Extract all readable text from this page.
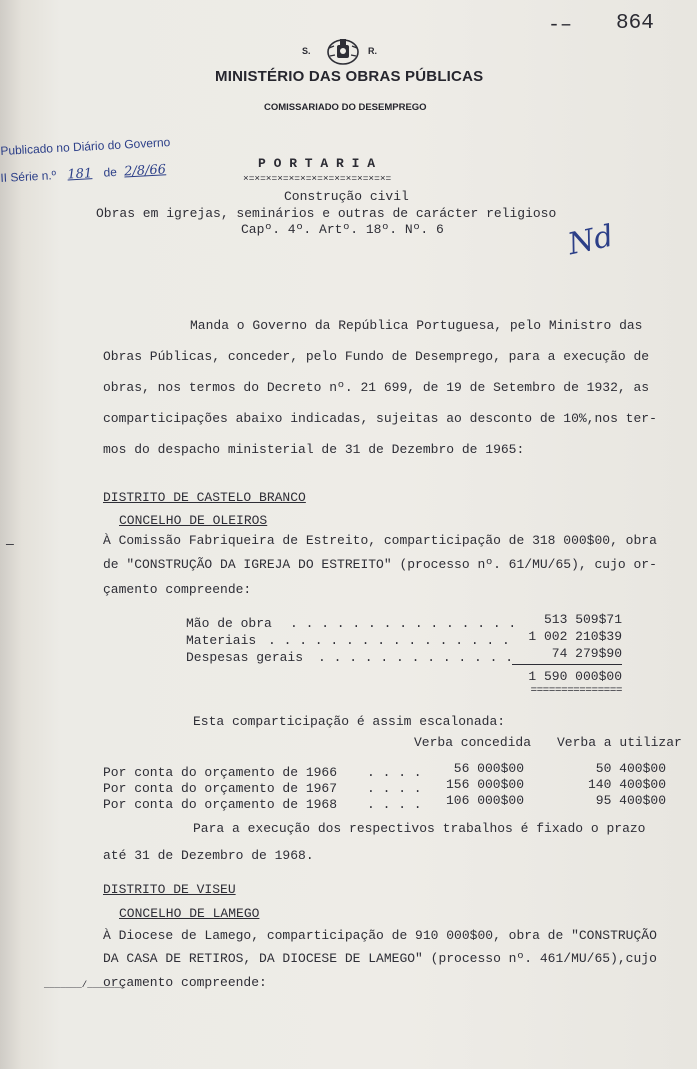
-– 864
S.	R.
MINISTÉRIO DAS OBRAS PÚBLICAS
COMISSARIADO DO DESEMPREGO
Publicado no Diário do Governo
II Série n.º 181 de 2/8/66	P O R T A R I A
×=×=×=×=×=×=×=×=×=×=×=×=×=
Construção civil
Obras em igrejas, seminários e outras de carácter religioso
Capº. 4º. Artº. 18º. Nº. 6	Nd
Manda o Governo da República Portuguesa, pelo Ministro das
Obras Públicas, conceder, pelo Fundo de Desemprego, para a execução de
obras, nos termos do Decreto nº. 21 699, de 19 de Setembro de 1932, as
comparticipações abaixo indicadas, sujeitas ao desconto de 10%,nos ter-
mos do despacho ministerial de 31 de Dezembro de 1965:
DISTRITO DE CASTELO BRANCO
CONCELHO DE OLEIROS
—	À Comissão Fabriqueira de Estreito, comparticipação de 318 000$00, obra
de "CONSTRUÇÃO DA IGREJA DO ESTREITO" (processo nº. 61/MU/65), cujo or-
çamento compreende:
Mão de obra . . . . . . . . . . . . . . .	513 509$71
Materiais . . . . . . . . . . . . . . . .	1 002 210$39
Despesas gerais . . . . . . . . . . . . .	74 279$90
1 590 000$00
===============
Esta comparticipação é assim escalonada:
Verba concedida Verba a utilizar
Por conta do orçamento de 1966 . . . .	56 000$00	50 400$00
Por conta do orçamento de 1967 . . . .	156 000$00	140 400$00
Por conta do orçamento de 1968 . . . .	106 000$00	95 400$00
Para a execução dos respectivos trabalhos é fixado o prazo
até 31 de Dezembro de 1968.
DISTRITO DE VISEU
CONCELHO DE LAMEGO
À Diocese de Lamego, comparticipação de 910 000$00, obra de "CONSTRUÇÃO
DA CASA DE RETIROS, DA DIOCESE DE LAMEGO" (processo nº. 461/MU/65),cujo
orçamento compreende:
_______/_______
